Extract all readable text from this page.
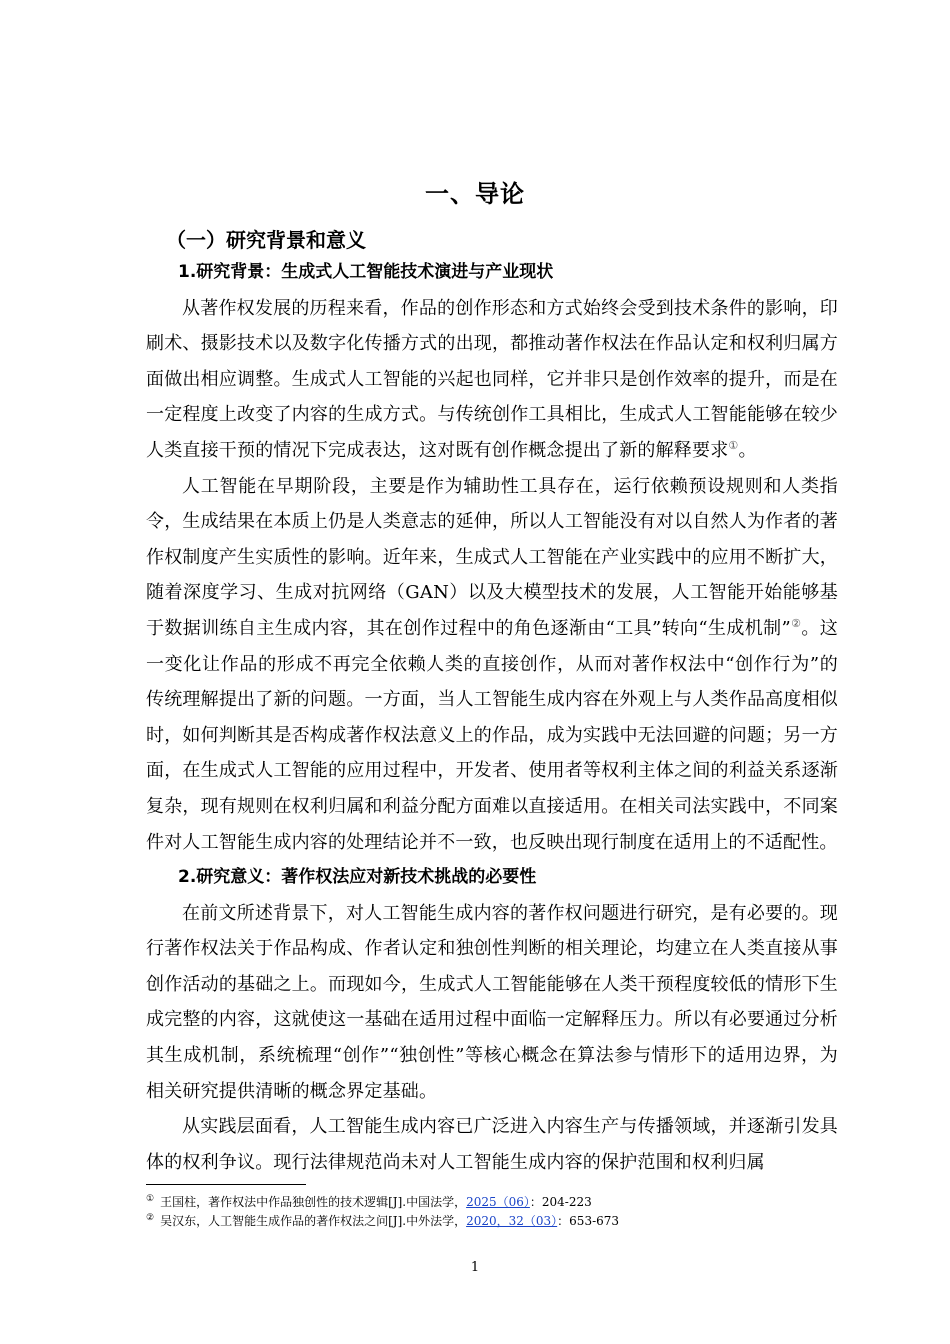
一、导论
（一）研究背景和意义

1.研究背景：生成式人工智能技术演进与产业现状

从著作权发展的历程来看，作品的创作形态和方式始终会受到技术条件的影响，印刷术、摄影技术以及数字化传播方式的出现，都推动著作权法在作品认定和权利归属方面做出相应调整。生成式人工智能的兴起也同样，它并非只是创作效率的提升，而是在一定程度上改变了内容的生成方式。与传统创作工具相比，生成式人工智能能够在较少人类直接干预的情况下完成表达，这对既有创作概念提出了新的解释要求①。

人工智能在早期阶段，主要是作为辅助性工具存在，运行依赖预设规则和人类指令，生成结果在本质上仍是人类意志的延伸，所以人工智能没有对以自然人为作者的著作权制度产生实质性的影响。近年来，生成式人工智能在产业实践中的应用不断扩大，随着深度学习、生成对抗网络（GAN）以及大模型技术的发展，人工智能开始能够基于数据训练自主生成内容，其在创作过程中的角色逐渐由“工具”转向“生成机制”②。这一变化让作品的形成不再完全依赖人类的直接创作，从而对著作权法中“创作行为”的传统理解提出了新的问题。一方面，当人工智能生成内容在外观上与人类作品高度相似时，如何判断其是否构成著作权法意义上的作品，成为实践中无法回避的问题；另一方面，在生成式人工智能的应用过程中，开发者、使用者等权利主体之间的利益关系逐渐复杂，现有规则在权利归属和利益分配方面难以直接适用。在相关司法实践中，不同案件对人工智能生成内容的处理结论并不一致，也反映出现行制度在适用上的不适配性。

2.研究意义：著作权法应对新技术挑战的必要性

在前文所述背景下，对人工智能生成内容的著作权问题进行研究，是有必要的。现行著作权法关于作品构成、作者认定和独创性判断的相关理论，均建立在人类直接从事创作活动的基础之上。而现如今，生成式人工智能能够在人类干预程度较低的情形下生成完整的内容，这就使这一基础在适用过程中面临一定解释压力。所以有必要通过分析其生成机制，系统梳理“创作”“独创性”等核心概念在算法参与情形下的适用边界，为相关研究提供清晰的概念界定基础。

从实践层面看，人工智能生成内容已广泛进入内容生产与传播领域，并逐渐引发具体的权利争议。现行法律规范尚未对人工智能生成内容的保护范围和权利归属

① 王国柱，著作权法中作品独创性的技术逻辑[J].中国法学，2025（06）：204-223

② 吴汉东，人工智能生成作品的著作权法之问[J].中外法学，2020，32（03）：653-673

1
